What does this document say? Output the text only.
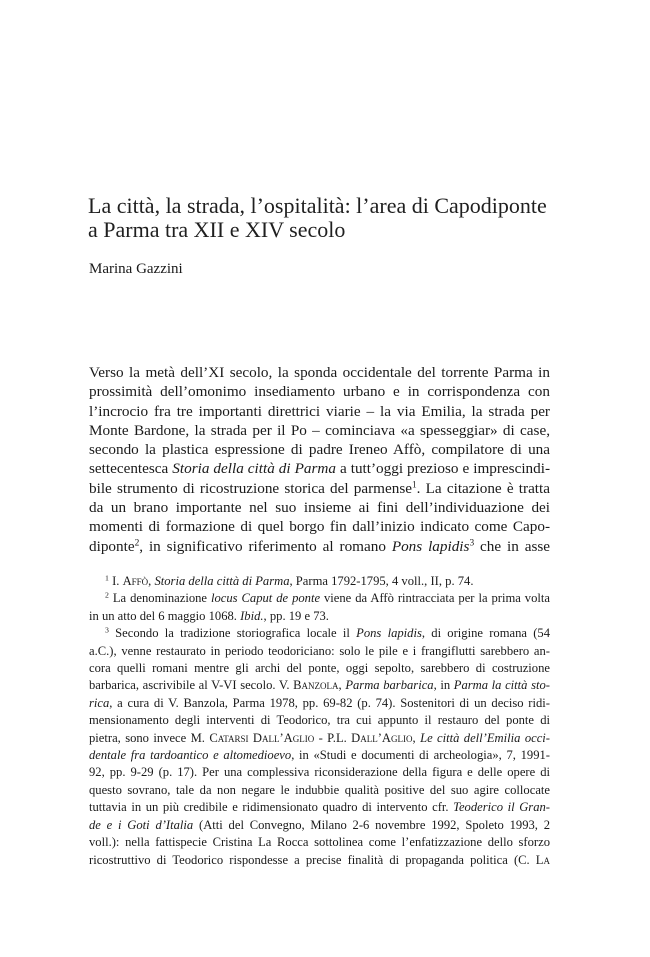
La città, la strada, l’ospitalità: l’area di Capodiponte
a Parma tra XII e XIV secolo
Marina Gazzini
Verso la metà dell’XI secolo, la sponda occidentale del torrente Parma in
prossimità dell’omonimo insediamento urbano e in corrispondenza con
l’incrocio fra tre importanti direttrici viarie – la via Emilia, la strada per
Monte Bardone, la strada per il Po – cominciava «a spesseggiar» di case,
secondo la plastica espressione di padre Ireneo Affò, compilatore di una
settecentesca Storia della città di Parma a tutt’oggi prezioso e imprescindi-
bile strumento di ricostruzione storica del parmense$^1$. La citazione è tratta
da un brano importante nel suo insieme ai fini dell’individuazione dei
momenti di formazione di quel borgo fin dall’inizio indicato come Capo-
diponte$^2$, in significativo riferimento al romano Pons lapidis$^3$ che in asse
$^1$ I. Affò, Storia della città di Parma, Parma 1792-1795, 4 voll., II, p. 74.
$^2$ La denominazione locus Caput de ponte viene da Affò rintracciata per la prima volta
in un atto del 6 maggio 1068. Ibid., pp. 19 e 73.
$^3$ Secondo la tradizione storiografica locale il Pons lapidis, di origine romana (54
a.C.), venne restaurato in periodo teodoriciano: solo le pile e i frangiflutti sarebbero an-
cora quelli romani mentre gli archi del ponte, oggi sepolto, sarebbero di costruzione
barbarica, ascrivibile al V-VI secolo. V. Banzola, Parma barbarica, in Parma la città sto-
rica, a cura di V. Banzola, Parma 1978, pp. 69-82 (p. 74). Sostenitori di un deciso ridi-
mensionamento degli interventi di Teodorico, tra cui appunto il restauro del ponte di
pietra, sono invece M. Catarsi Dall’Aglio - P.L. Dall’Aglio, Le città dell’Emilia occi-
dentale fra tardoantico e altomedioevo, in «Studi e documenti di archeologia», 7, 1991-
92, pp. 9-29 (p. 17). Per una complessiva riconsiderazione della figura e delle opere di
questo sovrano, tale da non negare le indubbie qualità positive del suo agire collocate
tuttavia in un più credibile e ridimensionato quadro di intervento cfr. Teoderico il Gran-
de e i Goti d’Italia (Atti del Convegno, Milano 2-6 novembre 1992, Spoleto 1993, 2
voll.): nella fattispecie Cristina La Rocca sottolinea come l’enfatizzazione dello sforzo
ricostruttivo di Teodorico rispondesse a precise finalità di propaganda politica (C. La
